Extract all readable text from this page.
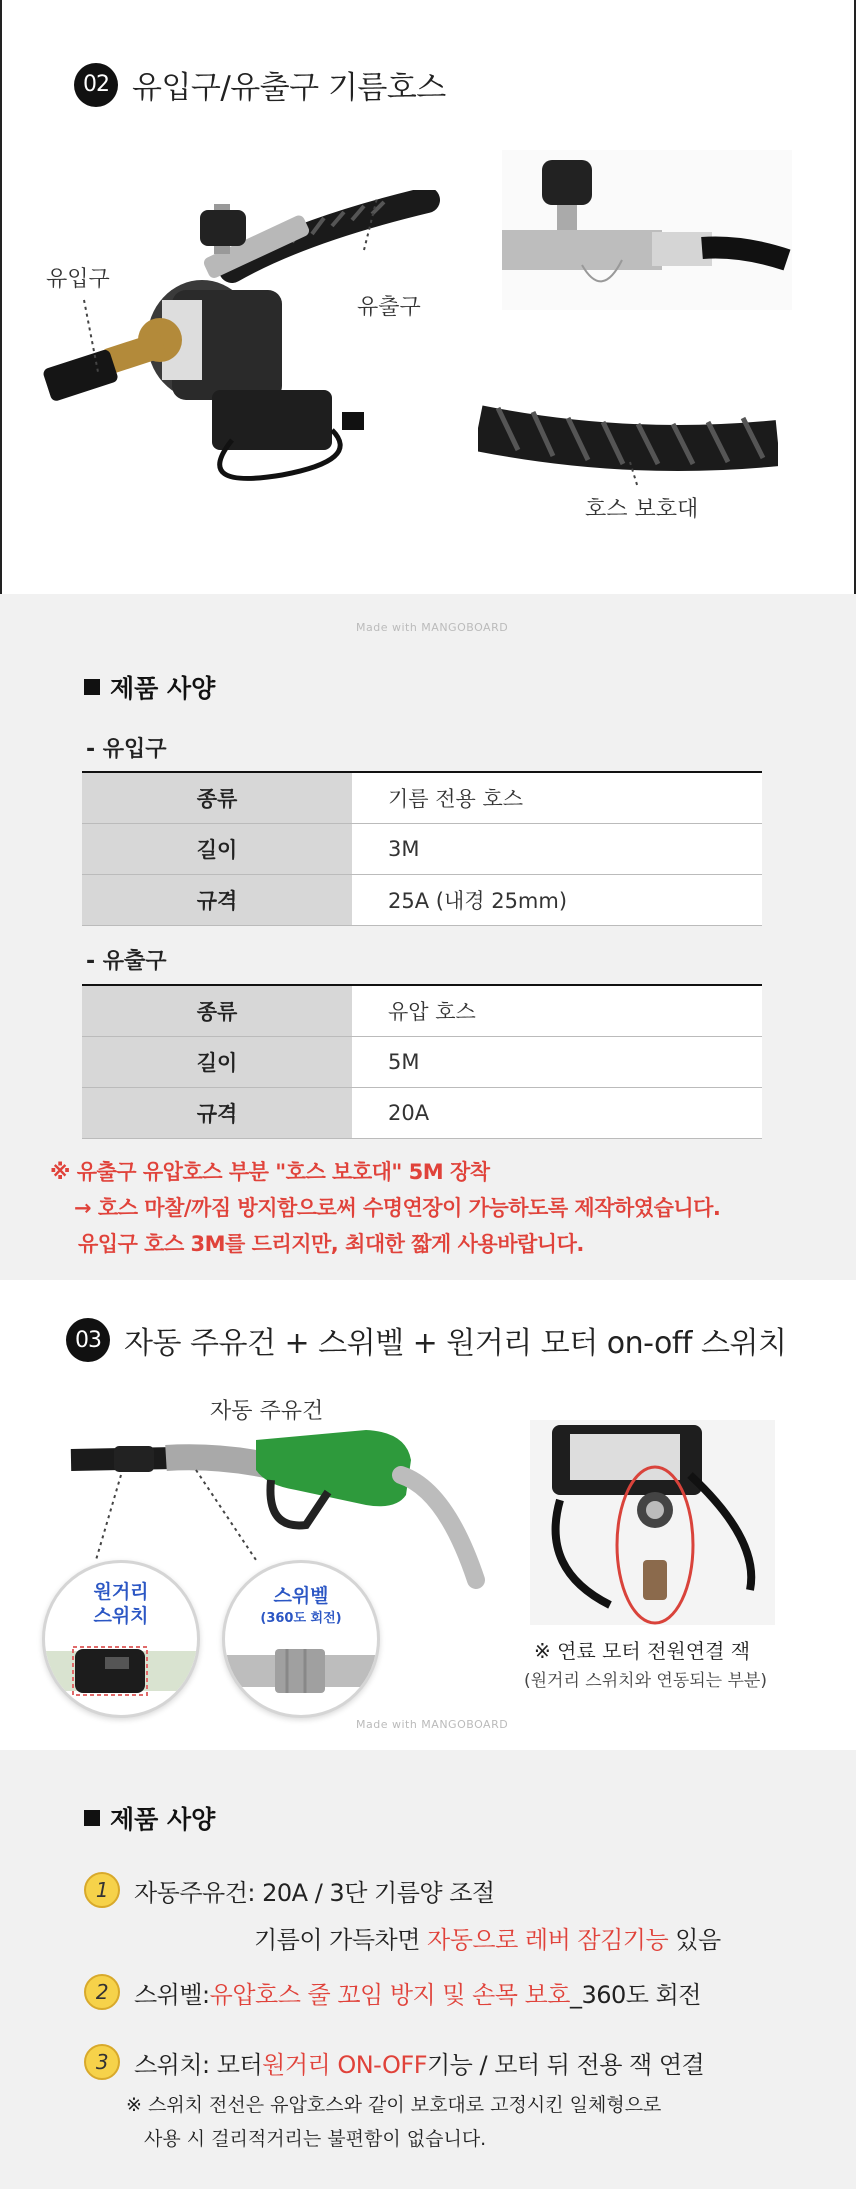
02 유입구/유출구 기름호스
유입구
유출구
호스 보호대
Made with MANGOBOARD
제품 사양
- 유입구
종류	기름 전용 호스
길이	3M
규격	25A (내경 25mm)
- 유출구
종류	유압 호스
길이	5M
규격	20A
※ 유출구 유압호스 부분 "호스 보호대" 5M 장착
→ 호스 마찰/까짐 방지함으로써 수명연장이 가능하도록 제작하였습니다.
유입구 호스 3M를 드리지만, 최대한 짧게 사용바랍니다.
03 자동 주유건 + 스위벨 + 원거리 모터 on-off 스위치
자동 주유건
원거리
스위치
스위벨
(360도 회전)
※ 연료 모터 전원연결 잭
(원거리 스위치와 연동되는 부분)
Made with MANGOBOARD
제품 사양
1	자동주유건: 20A / 3단 기름양 조절
기름이 가득차면 자동으로 레버 잠김기능 있음
2	스위벨: 유압호스 줄 꼬임 방지 및 손목 보호 _360도 회전
3	스위치: 모터 원거리 ON-OFF 기능 / 모터 뒤 전용 잭 연결
※ 스위치 전선은 유압호스와 같이 보호대로 고정시킨 일체형으로
사용 시 걸리적거리는 불편함이 없습니다.
